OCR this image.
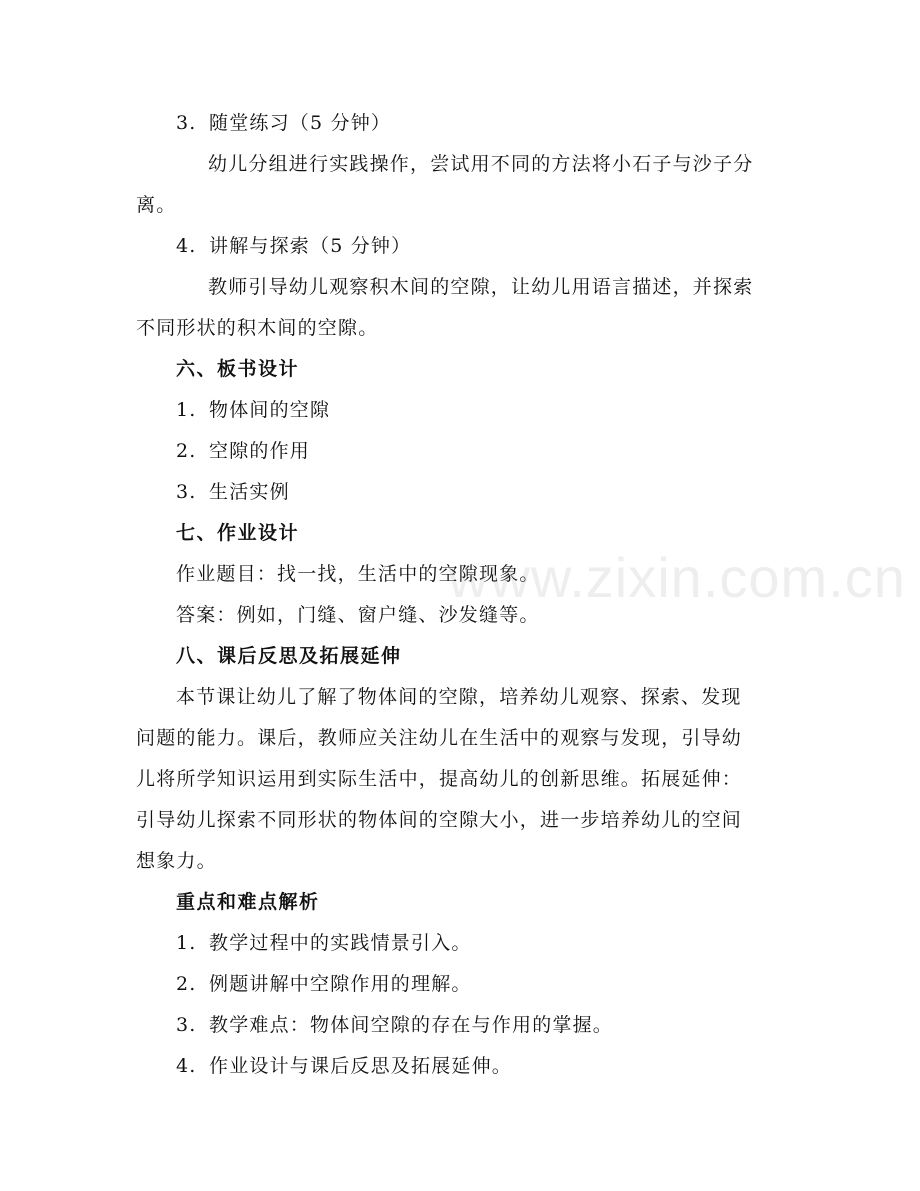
3. 随堂练习（5 分钟）
幼儿分组进行实践操作，尝试用不同的方法将小石子与沙子分
离。
4. 讲解与探索（5 分钟）
教师引导幼儿观察积木间的空隙，让幼儿用语言描述，并探索
不同形状的积木间的空隙。
六、板书设计
1. 物体间的空隙
2. 空隙的作用
3. 生活实例
七、作业设计
作业题目：找一找，生活中的空隙现象。
答案：例如，门缝、窗户缝、沙发缝等。
八、课后反思及拓展延伸
本节课让幼儿了解了物体间的空隙，培养幼儿观察、探索、发现
问题的能力。课后，教师应关注幼儿在生活中的观察与发现，引导幼
儿将所学知识运用到实际生活中，提高幼儿的创新思维。拓展延伸：
引导幼儿探索不同形状的物体间的空隙大小，进一步培养幼儿的空间
想象力。
重点和难点解析
1. 教学过程中的实践情景引入。
2. 例题讲解中空隙作用的理解。
3. 教学难点：物体间空隙的存在与作用的掌握。
4. 作业设计与课后反思及拓展延伸。
www.zixin.com.cn
